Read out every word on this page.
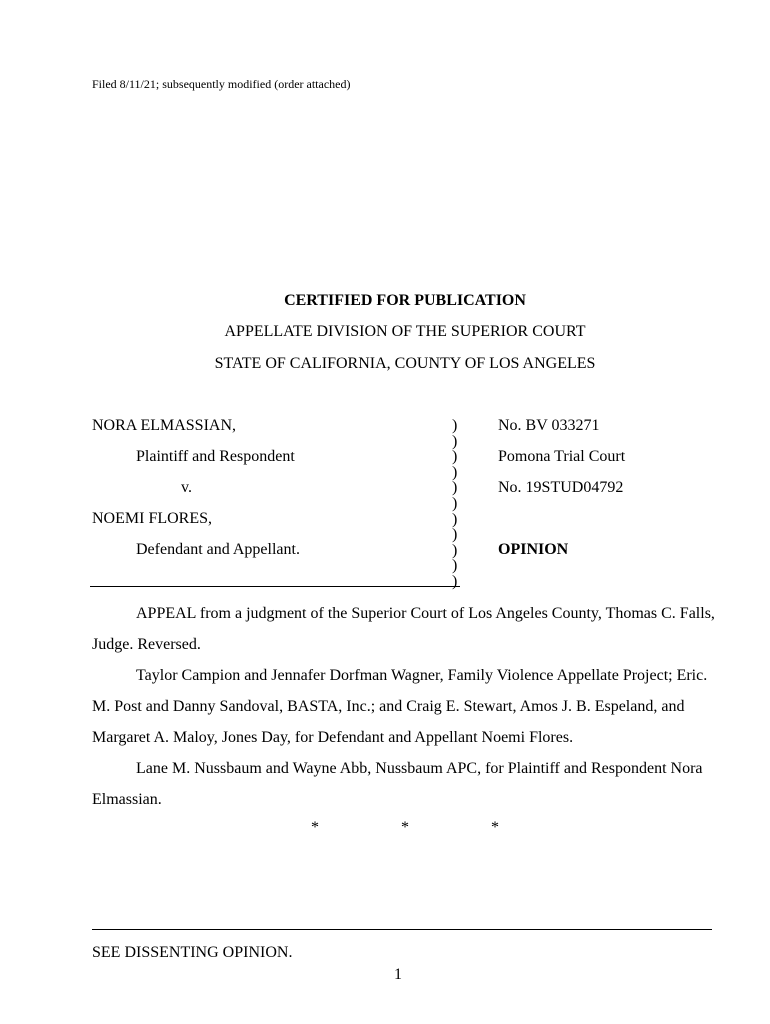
Filed 8/11/21; subsequently modified (order attached)
CERTIFIED FOR PUBLICATION
APPELLATE DIVISION OF THE SUPERIOR COURT
STATE OF CALIFORNIA, COUNTY OF LOS ANGELES
NORA ELMASSIAN,
Plaintiff and Respondent
v.
NOEMI FLORES,
Defendant and Appellant.
)
)
)
)
)
)
)
)
)
)
)
No. BV 033271
Pomona Trial Court
No. 19STUD04792
OPINION
APPEAL from a judgment of the Superior Court of Los Angeles County, Thomas C. Falls, Judge. Reversed.
Taylor Campion and Jennafer Dorfman Wagner, Family Violence Appellate Project; Eric. M. Post and Danny Sandoval, BASTA, Inc.; and Craig E. Stewart, Amos J. B. Espeland, and Margaret A. Maloy, Jones Day, for Defendant and Appellant Noemi Flores.
Lane M. Nussbaum and Wayne Abb, Nussbaum APC, for Plaintiff and Respondent Nora Elmassian.
*	*	*
SEE DISSENTING OPINION.
1
